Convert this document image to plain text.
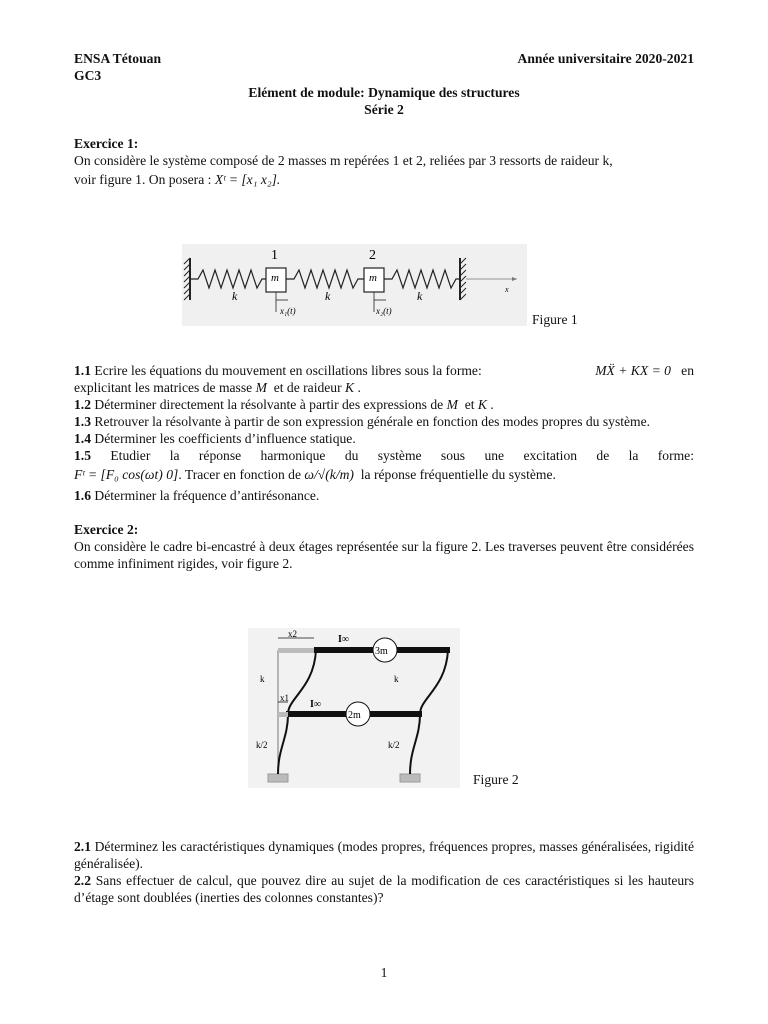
ENSA Tétouan	Année universitaire 2020-2021
GC3
Elément de module: Dynamique des structures
Série 2
Exercice 1:

On considère le système composé de 2 masses m repérées 1 et 2, reliées par 3 ressorts de raideur k,

voir figure 1. On posera : Xᵗ = [x₁ x₂].

1	2
m	m
k	k	k
x₁(t)	x₂(t)
x
Figure 1

1.1 Ecrire les équations du mouvement en oscillations libres sous la forme:	MẌ + KX = 0 en

explicitant les matrices de masse M et de raideur K .

1.2 Déterminer directement la résolvante à partir des expressions de M et K .

1.3 Retrouver la résolvante à partir de son expression générale en fonction des modes propres du système.

1.4 Déterminer les coefficients d’influence statique.

1.5 Etudier la réponse harmonique du système sous une excitation de la forme:

Fᵗ = [F₀ cos(ωt) 0]. Tracer en fonction de ω/√(k/m) la réponse fréquentielle du système.

1.6 Déterminer la fréquence d’antirésonance.

Exercice 2:

On considère le cadre bi-encastré à deux étages représentée sur la figure 2. Les traverses peuvent être considérées comme infiniment rigides, voir figure 2.

x2
x1
I∞
I∞
3m
2m
k	k
k/2	k/2
Figure 2

2.1 Déterminez les caractéristiques dynamiques (modes propres, fréquences propres, masses généralisées, rigidité généralisée).

2.2 Sans effectuer de calcul, que pouvez dire au sujet de la modification de ces caractéristiques si les hauteurs d’étage sont doublées (inerties des colonnes constantes)?

1
